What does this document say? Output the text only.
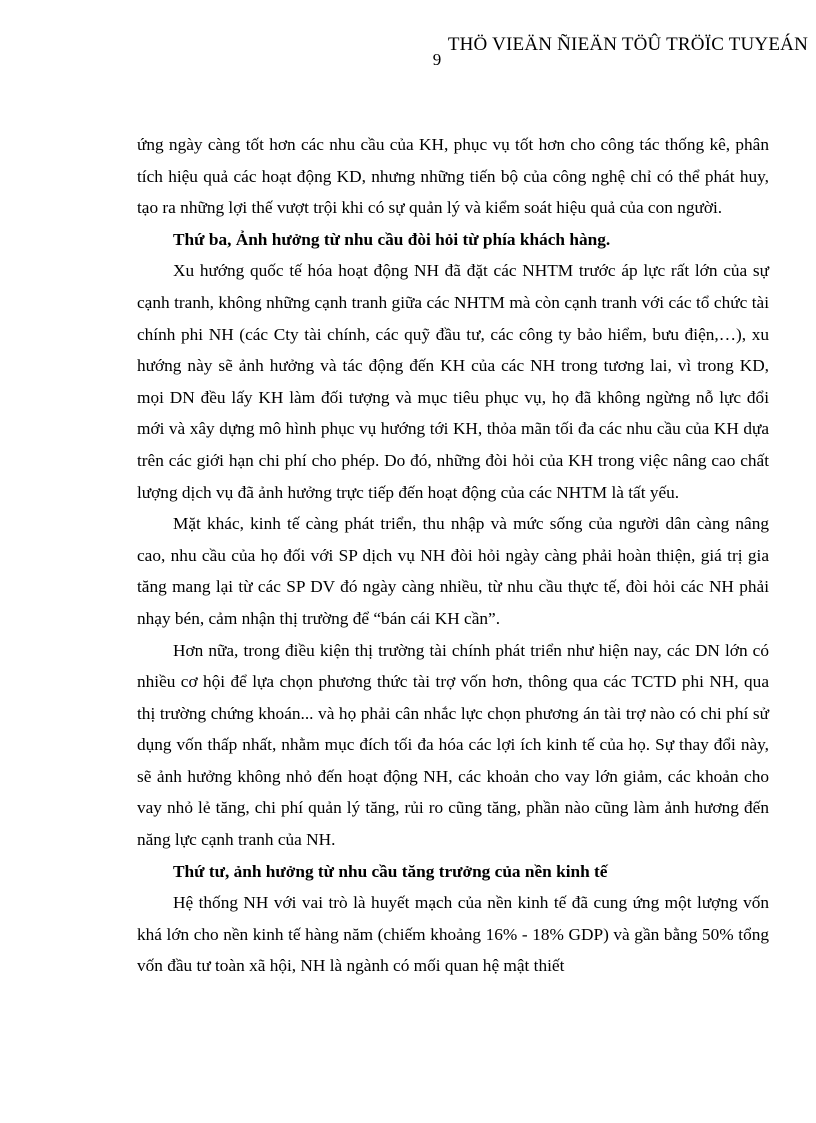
THÖ VIEÄN ÑIEÄN TÖÛ TRÖÏC TUYEÁN
9

ứng ngày càng tốt hơn các nhu cầu của KH, phục vụ tốt hơn cho công tác thống kê, phân tích hiệu quả các hoạt động KD, nhưng những tiến bộ của công nghệ chỉ có thể phát huy, tạo ra những lợi thế vượt trội khi có sự quản lý và kiểm soát hiệu quả của con người.

Thứ ba, Ảnh hưởng từ nhu cầu đòi hỏi từ phía khách hàng.

Xu hướng quốc tế hóa hoạt động NH đã đặt các NHTM trước áp lực rất lớn của sự cạnh tranh, không những cạnh tranh giữa các NHTM mà còn cạnh tranh với các tổ chức tài chính phi NH (các Cty tài chính, các quỹ đầu tư, các công ty bảo hiểm, bưu điện,…), xu hướng này sẽ ảnh hưởng và tác động đến KH của các NH trong tương lai, vì trong KD, mọi DN đều lấy KH làm đối tượng và mục tiêu phục vụ, họ đã không ngừng nỗ lực đổi mới và xây dựng mô hình phục vụ hướng tới KH, thỏa mãn tối đa các nhu cầu của KH dựa trên các giới hạn chi phí cho phép. Do đó, những đòi hỏi của KH trong việc nâng cao chất lượng dịch vụ đã ảnh hưởng trực tiếp đến hoạt động của các NHTM là tất yếu.

Mặt khác, kinh tế càng phát triển, thu nhập và mức sống của người dân càng nâng cao, nhu cầu của họ đối với SP dịch vụ NH đòi hỏi ngày càng phải hoàn thiện, giá trị gia tăng mang lại từ các SP DV đó ngày càng nhiều, từ nhu cầu thực tế, đòi hỏi các NH phải nhạy bén, cảm nhận thị trường để “bán cái KH cần”.

Hơn nữa, trong điều kiện thị trường tài chính phát triển như hiện nay, các DN lớn có nhiều cơ hội để lựa chọn phương thức tài trợ vốn hơn, thông qua các TCTD phi NH, qua thị trường chứng khoán... và họ phải cân nhắc lực chọn phương án tài trợ nào có chi phí sử dụng vốn thấp nhất, nhằm mục đích tối đa hóa các lợi ích kinh tế của họ. Sự thay đổi này, sẽ ảnh hưởng không nhỏ đến hoạt động NH, các khoản cho vay lớn giảm, các khoản cho vay nhỏ lẻ tăng, chi phí quản lý tăng, rủi ro cũng tăng, phần nào cũng làm ảnh hương đến năng lực cạnh tranh của NH.

Thứ tư, ảnh hưởng từ nhu cầu tăng trưởng của nền kinh tế

Hệ thống NH với vai trò là huyết mạch của nền kinh tế đã cung ứng một lượng vốn khá lớn cho nền kinh tế hàng năm (chiếm khoảng 16% - 18% GDP) và gần bằng 50% tổng vốn đầu tư toàn xã hội, NH là ngành có mối quan hệ mật thiết
